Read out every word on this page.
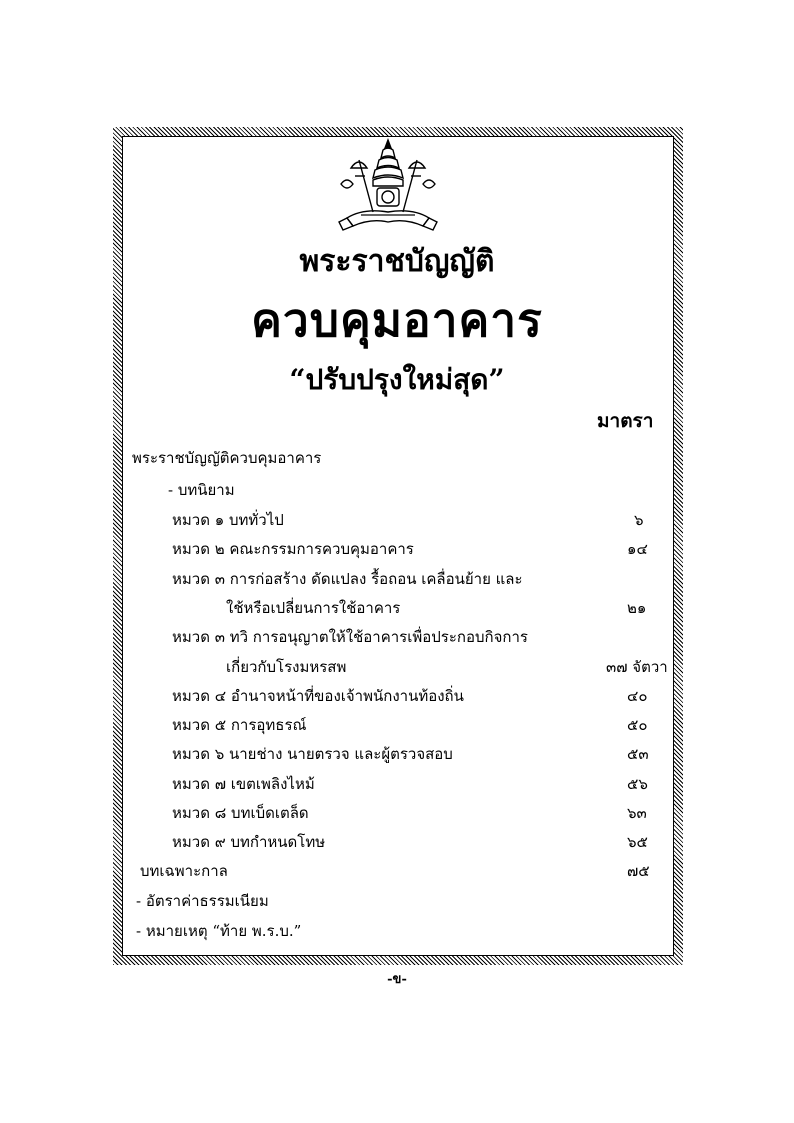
พระราชบัญญัติ
ควบคุมอาคาร
“ปรับปรุงใหม่สุด”
มาตรา
พระราชบัญญัติควบคุมอาคาร
- บทนิยาม
หมวด ๑ บททั่วไป	๖
หมวด ๒ คณะกรรมการควบคุมอาคาร	๑๔
หมวด ๓ การก่อสร้าง ดัดแปลง รื้อถอน เคลื่อนย้าย และ
ใช้หรือเปลี่ยนการใช้อาคาร	๒๑
หมวด ๓ ทวิ การอนุญาตให้ใช้อาคารเพื่อประกอบกิจการ
เกี่ยวกับโรงมหรสพ	๓๗ จัตวา
หมวด ๔ อำนาจหน้าที่ของเจ้าพนักงานท้องถิ่น	๔๐
หมวด ๕ การอุทธรณ์	๕๐
หมวด ๖ นายช่าง นายตรวจ และผู้ตรวจสอบ	๕๓
หมวด ๗ เขตเพลิงไหม้	๕๖
หมวด ๘ บทเบ็ดเตล็ด	๖๓
หมวด ๙ บทกำหนดโทษ	๖๕
บทเฉพาะกาล	๗๕
- อัตราค่าธรรมเนียม
- หมายเหตุ “ท้าย พ.ร.บ.”
-ข-
